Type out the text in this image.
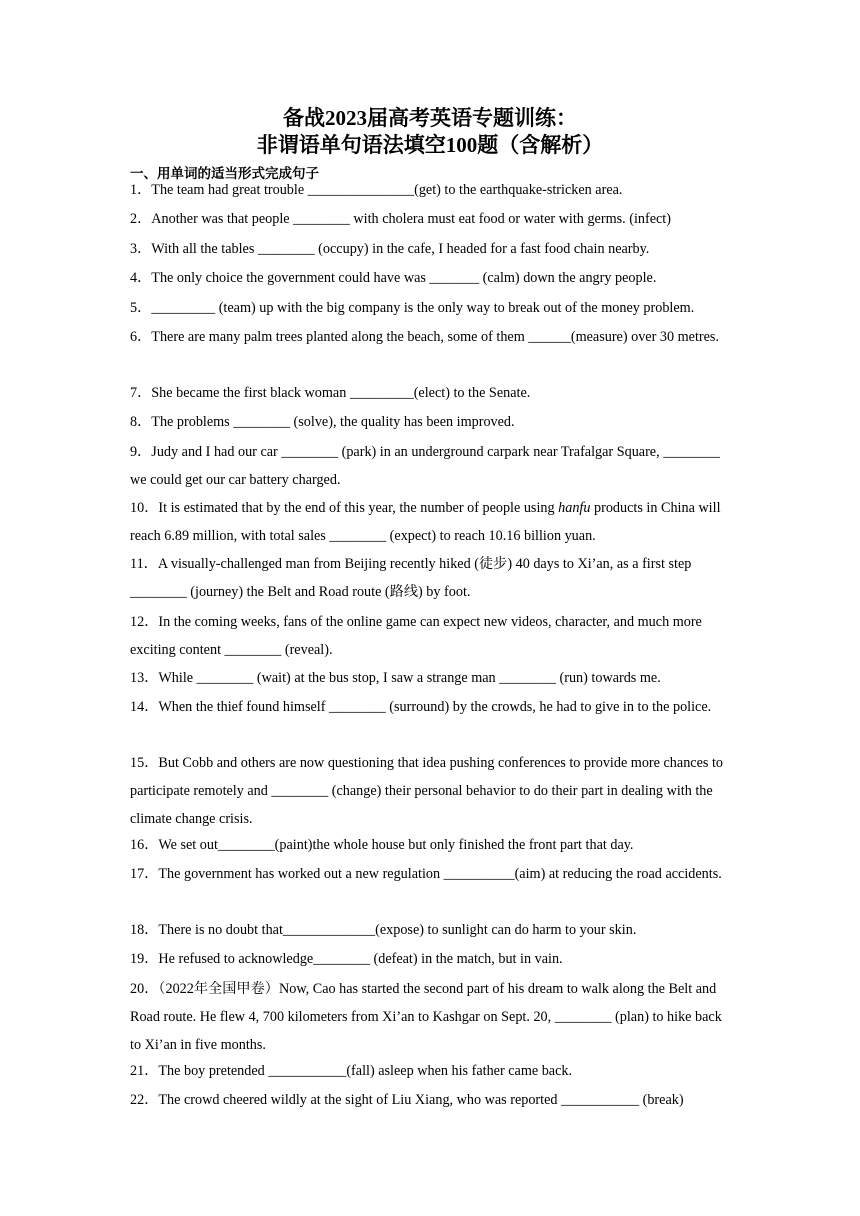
备战2023届高考英语专题训练：
非谓语单句语法填空100题（含解析）
一、用单词的适当形式完成句子
1．The team had great trouble _______________(get) to the earthquake-stricken area.
2．Another was that people ________ with cholera must eat food or water with germs. (infect)
3．With all the tables ________ (occupy) in the cafe, I headed for a fast food chain nearby.
4．The only choice the government could have was _______ (calm) down the angry people.
5．_________ (team) up with the big company is the only way to break out of the money problem.
6．There are many palm trees planted along the beach, some of them ______(measure) over 30 metres.
7．She became the first black woman _________(elect) to the Senate.
8．The problems ________ (solve), the quality has been improved.
9．Judy and I had our car ________ (park) in an underground carpark near Trafalgar Square, ________ we could get our car battery charged.
10．It is estimated that by the end of this year, the number of people using hanfu products in China will reach 6.89 million, with total sales ________ (expect) to reach 10.16 billion yuan.
11．A visually-challenged man from Beijing recently hiked (徒步) 40 days to Xi’an, as a first step ________ (journey) the Belt and Road route (路线) by foot.
12．In the coming weeks, fans of the online game can expect new videos, character, and much more exciting content ________ (reveal).
13．While ________ (wait) at the bus stop, I saw a strange man ________ (run) towards me.
14．When the thief found himself ________ (surround) by the crowds, he had to give in to the police.
15．But Cobb and others are now questioning that idea pushing conferences to provide more chances to participate remotely and ________ (change) their personal behavior to do their part in dealing with the climate change crisis.
16．We set out________(paint)the whole house but only finished the front part that day.
17．The government has worked out a new regulation __________(aim) at reducing the road accidents.
18．There is no doubt that_____________(expose) to sunlight can do harm to your skin.
19．He refused to acknowledge________ (defeat) in the match, but in vain.
20．（2022年全国甲卷）Now, Cao has started the second part of his dream to walk along the Belt and Road route. He flew 4, 700 kilometers from Xi’an to Kashgar on Sept. 20, ________ (plan) to hike back to Xi’an in five months.
21．The boy pretended ___________(fall) asleep when his father came back.
22．The crowd cheered wildly at the sight of Liu Xiang, who was reported ___________ (break)
